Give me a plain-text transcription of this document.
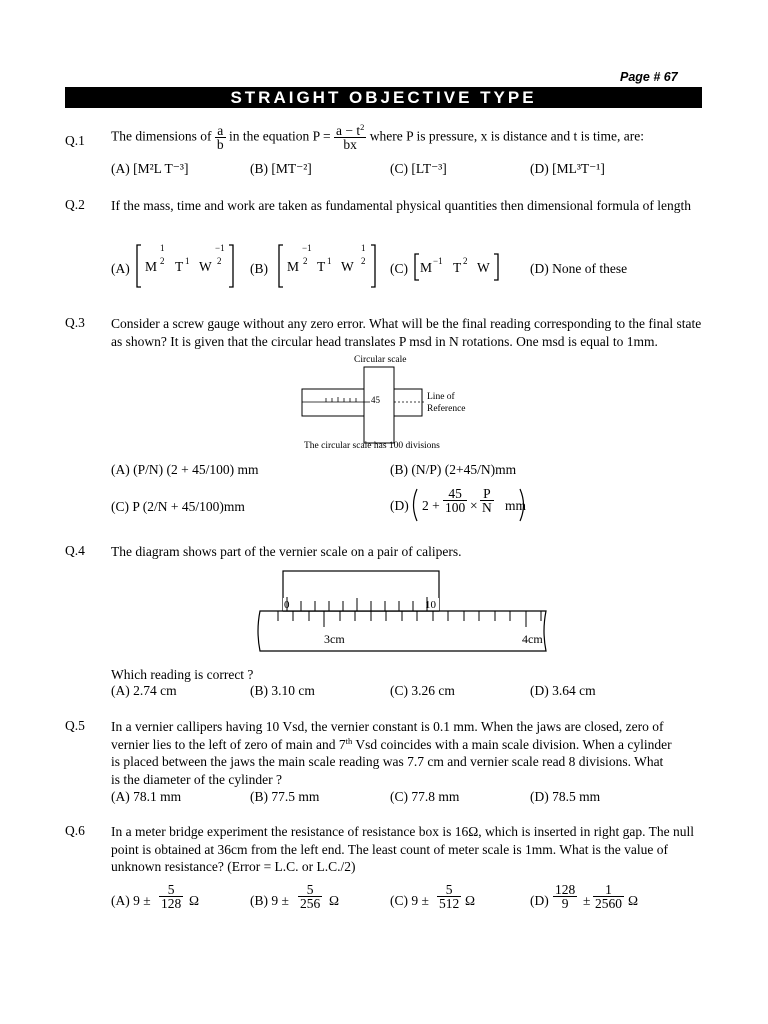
Page # 67
STRAIGHT OBJECTIVE TYPE
Q.1 The dimensions of $\frac{a}{b}$ in the equation $P = \frac{a - t^2}{bx}$ where P is pressure, x is distance and t is time, are:
(A) [M²L T⁻³]	(B) [MT⁻²]	(C) [LT⁻³]	(D) [ML³T⁻¹]
Q.2 If the mass, time and work are taken as fundamental physical quantities then dimensional formula of length
(A) M
1
2 T 1 W
−1
2 (B) M
−1
2 T 1 W
1
2 (C) M −1 T 2 W	(D) None of these
Q.3 Consider a screw gauge without any zero error. What will be the final reading corresponding to the final state as shown? It is given that the circular head translates P msd in N rotations. One msd is equal to 1mm.
Circular scale
45	Line of
Reference
The circular scale has 100 divisions
(A) (P/N) (2 + 45/100) mm	(B) (N/P) (2+45/N)mm
(C) P (2/N + 45/100)mm	(D) $2 + \frac{45}{100} \times \frac{P}{N}$ mm
Q.4 The diagram shows part of the vernier scale on a pair of calipers.
0	10
3cm	4cm
Which reading is correct ?
(A) 2.74 cm	(B) 3.10 cm	(C) 3.26 cm	(D) 3.64 cm
Q.5 In a vernier callipers having 10 Vsd, the vernier constant is 0.1 mm. When the jaws are closed, zero of
vernier lies to the left of zero of main and 7th Vsd coincides with a main scale division. When a cylinder
is placed between the jaws the main scale reading was 7.7 cm and vernier scale read 8 divisions. What
is the diameter of the cylinder ?
(A) 78.1 mm	(B) 77.5 mm	(C) 77.8 mm	(D) 78.5 mm
Q.6 In a meter bridge experiment the resistance of resistance box is 16Ω, which is inserted in right gap. The null point is obtained at 36cm from the left end. The least count of meter scale is 1mm. What is the value of unknown resistance? (Error = L.C. or L.C./2)
(A) $9 \pm \frac{5}{128}$ Ω	(B) $9 \pm \frac{5}{256}$ Ω	(C) $9 \pm \frac{5}{512}$ Ω	$(D) \frac{128}{9} \pm \frac{1}{2560}$ Ω
